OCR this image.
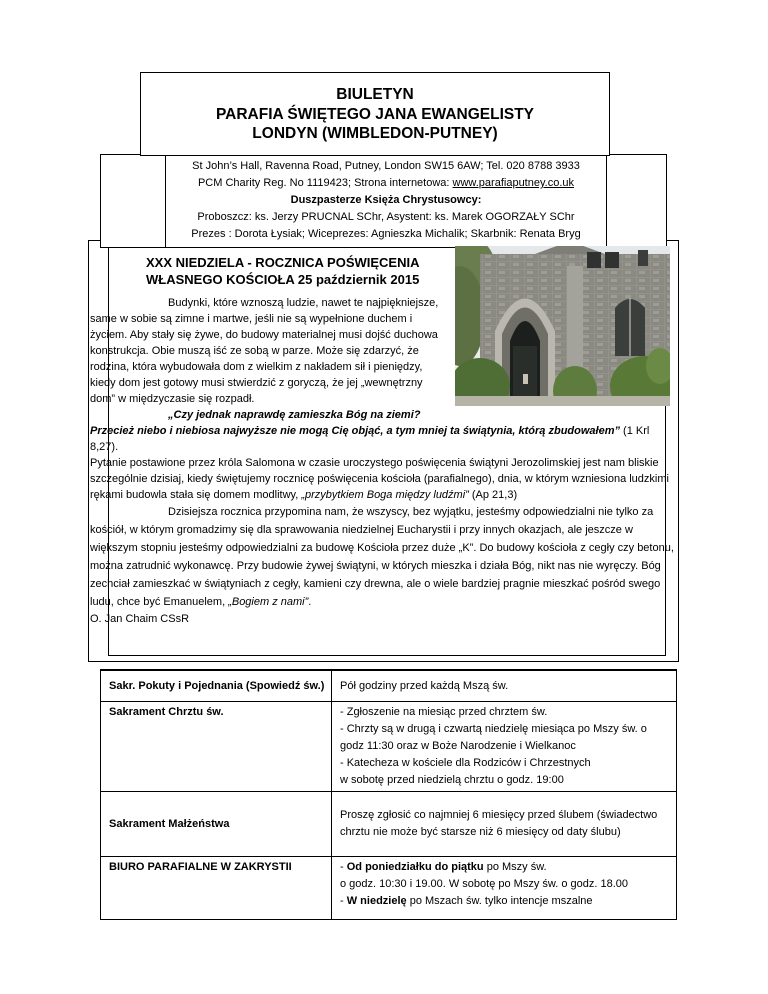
BIULETYN
PARAFIA ŚWIĘTEGO JANA EWANGELISTY
LONDYN (WIMBLEDON-PUTNEY)
St John’s Hall, Ravenna Road, Putney, London SW15 6AW; Tel. 020 8788 3933
PCM Charity Reg. No 1119423; Strona internetowa: www.parafiaputney.co.uk
Duszpasterze Księża Chrystusowcy:
Proboszcz: ks. Jerzy PRUCNAL SChr, Asystent: ks. Marek OGORZAŁY SChr
Prezes : Dorota Łysiak; Wiceprezes: Agnieszka Michalik; Skarbnik: Renata Bryg
XXX NIEDZIELA - ROCZNICA POŚWIĘCENIA
WŁASNEGO KOŚCIOŁA 25 październik 2015

Budynki, które wznoszą ludzie, nawet te najpiękniejsze, same w sobie są zimne i martwe, jeśli nie są wypełnione duchem i życiem. Aby stały się żywe, do budowy materialnej musi dojść duchowa konstrukcja. Obie muszą iść ze sobą w parze. Może się zdarzyć, że rodzina, która wybudowała dom z wielkim z nakładem sił i pieniędzy, kiedy dom jest gotowy musi stwierdzić z goryczą, że jej „wewnętrzny dom” w międzyczasie się rozpadł.

„Czy jednak naprawdę zamieszka Bóg na ziemi?

Przecież niebo i niebiosa najwyższe nie mogą Cię objąć, a tym mniej ta świątynia, którą zbudowałem” (1 Krl 8,27).

Pytanie postawione przez króla Salomona w czasie uroczystego poświęcenia świątyni Jerozolimskiej jest nam bliskie szczególnie dzisiaj, kiedy świętujemy rocznicę poświęcenia kościoła (parafialnego), dnia, w którym wzniesiona ludzkimi rękami budowla stała się domem modlitwy, „przybytkiem Boga między ludźmi” (Ap 21,3)

Dzisiejsza rocznica przypomina nam, że wszyscy, bez wyjątku, jesteśmy odpowiedzialni nie tylko za kościół, w którym gromadzimy się dla sprawowania niedzielnej Eucharystii i przy innych okazjach, ale jeszcze w większym stopniu jesteśmy odpowiedzialni za budowę Kościoła przez duże „K”. Do budowy kościoła z cegły czy betonu, można zatrudnić wykonawcę. Przy budowie żywej świątyni, w których mieszka i działa Bóg, nikt nas nie wyręczy. Bóg zechciał zamieszkać w świątyniach z cegły, kamieni czy drewna, ale o wiele bardziej pragnie mieszkać pośród swego ludu, chce być Emanuelem, „Bogiem z nami”.

O. Jan Chaim CSsR

Sakr. Pokuty i Pojednania (Spowiedź św.)	Pół godziny przed każdą Mszą św.
Sakrament Chrztu św.	- Zgłoszenie na miesiąc przed chrztem św.
- Chrzty są w drugą i czwartą niedzielę miesiąca po Mszy św. o godz 11:30 oraz w Boże Narodzenie i Wielkanoc
- Katecheza w kościele dla Rodziców i Chrzestnych
w sobotę przed niedzielą chrztu o godz. 19:00

Sakrament Małżeństwa	Proszę zgłosić co najmniej 6 miesięcy przed ślubem (świadectwo chrztu nie może być starsze niż 6 miesięcy od daty ślubu)
BIURO PARAFIALNE W ZAKRYSTII	- Od poniedziałku do piątku po Mszy św.
o godz. 10:30 i 19.00. W sobotę po Mszy św. o godz. 18.00
- W niedzielę po Mszach św. tylko intencje mszalne
